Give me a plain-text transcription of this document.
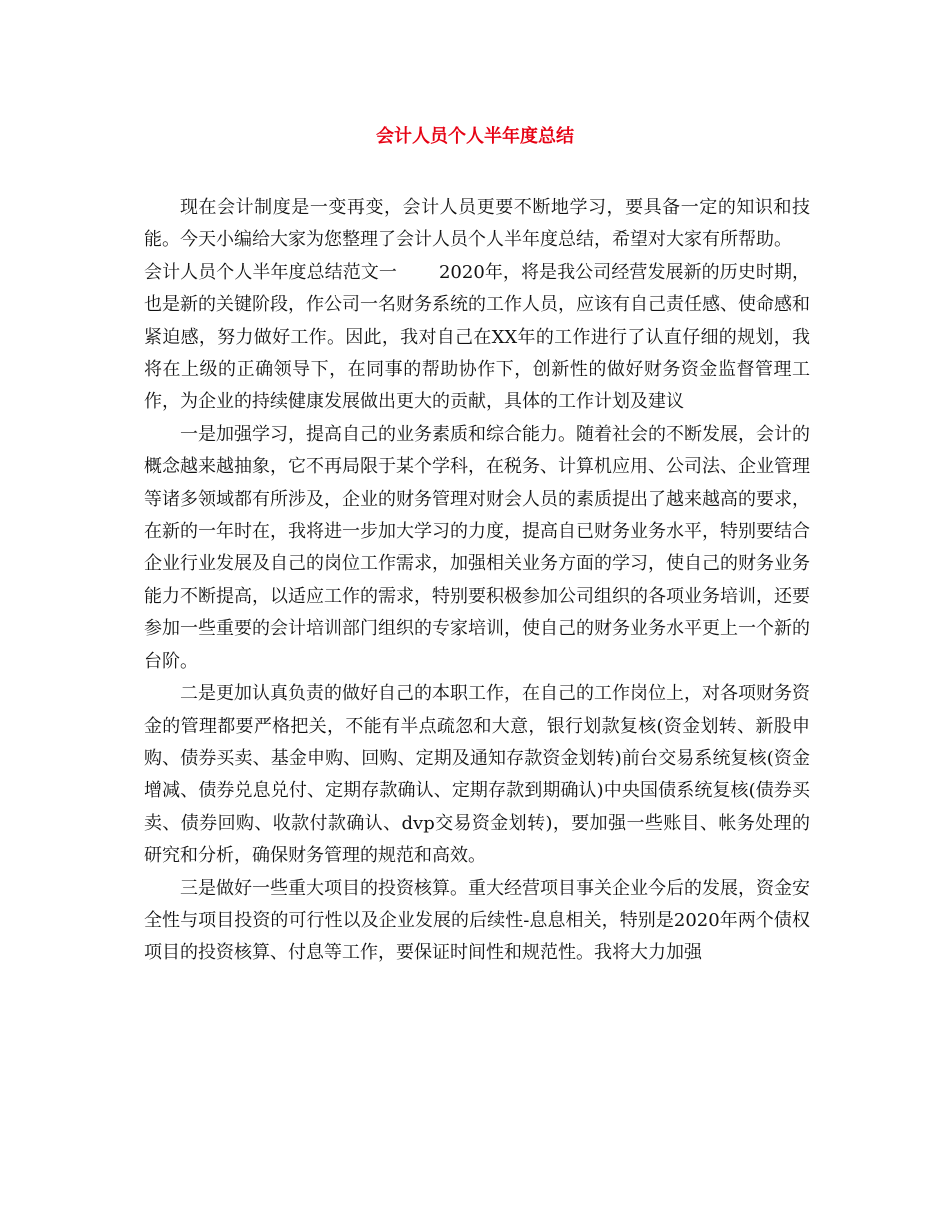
会计人员个人半年度总结

现在会计制度是一变再变，会计人员更要不断地学习，要具备一定的知识和技能。今天小编给大家为您整理了会计人员个人半年度总结，希望对大家有所帮助。

会计人员个人半年度总结范文一 2020年，将是我公司经营发展新的历史时期，也是新的关键阶段，作公司一名财务系统的工作人员，应该有自己责任感、使命感和紧迫感，努力做好工作。因此，我对自己在XX年的工作进行了认直仔细的规划，我将在上级的正确领导下，在同事的帮助协作下，创新性的做好财务资金监督管理工作，为企业的持续健康发展做出更大的贡献，具体的工作计划及建议

一是加强学习，提高自己的业务素质和综合能力。随着社会的不断发展，会计的概念越来越抽象，它不再局限于某个学科，在税务、计算机应用、公司法、企业管理等诸多领域都有所涉及，企业的财务管理对财会人员的素质提出了越来越高的要求，在新的一年时在，我将进一步加大学习的力度，提高自已财务业务水平，特别要结合企业行业发展及自己的岗位工作需求，加强相关业务方面的学习，使自己的财务业务能力不断提高，以适应工作的需求，特别要积极参加公司组织的各项业务培训，还要参加一些重要的会计培训部门组织的专家培训，使自己的财务业务水平更上一个新的台阶。

二是更加认真负责的做好自己的本职工作，在自己的工作岗位上，对各项财务资金的管理都要严格把关，不能有半点疏忽和大意，银行划款复核(资金划转、新股申购、债券买卖、基金申购、回购、定期及通知存款资金划转)前台交易系统复核(资金增减、债券兑息兑付、定期存款确认、定期存款到期确认)中央国债系统复核(债券买卖、债券回购、收款付款确认、dvp交易资金划转)，要加强一些账目、帐务处理的研究和分析，确保财务管理的规范和高效。

三是做好一些重大项目的投资核算。重大经营项目事关企业今后的发展，资金安全性与项目投资的可行性以及企业发展的后续性-息息相关，特别是2020年两个债权项目的投资核算、付息等工作，要保证时间性和规范性。我将大力加强
